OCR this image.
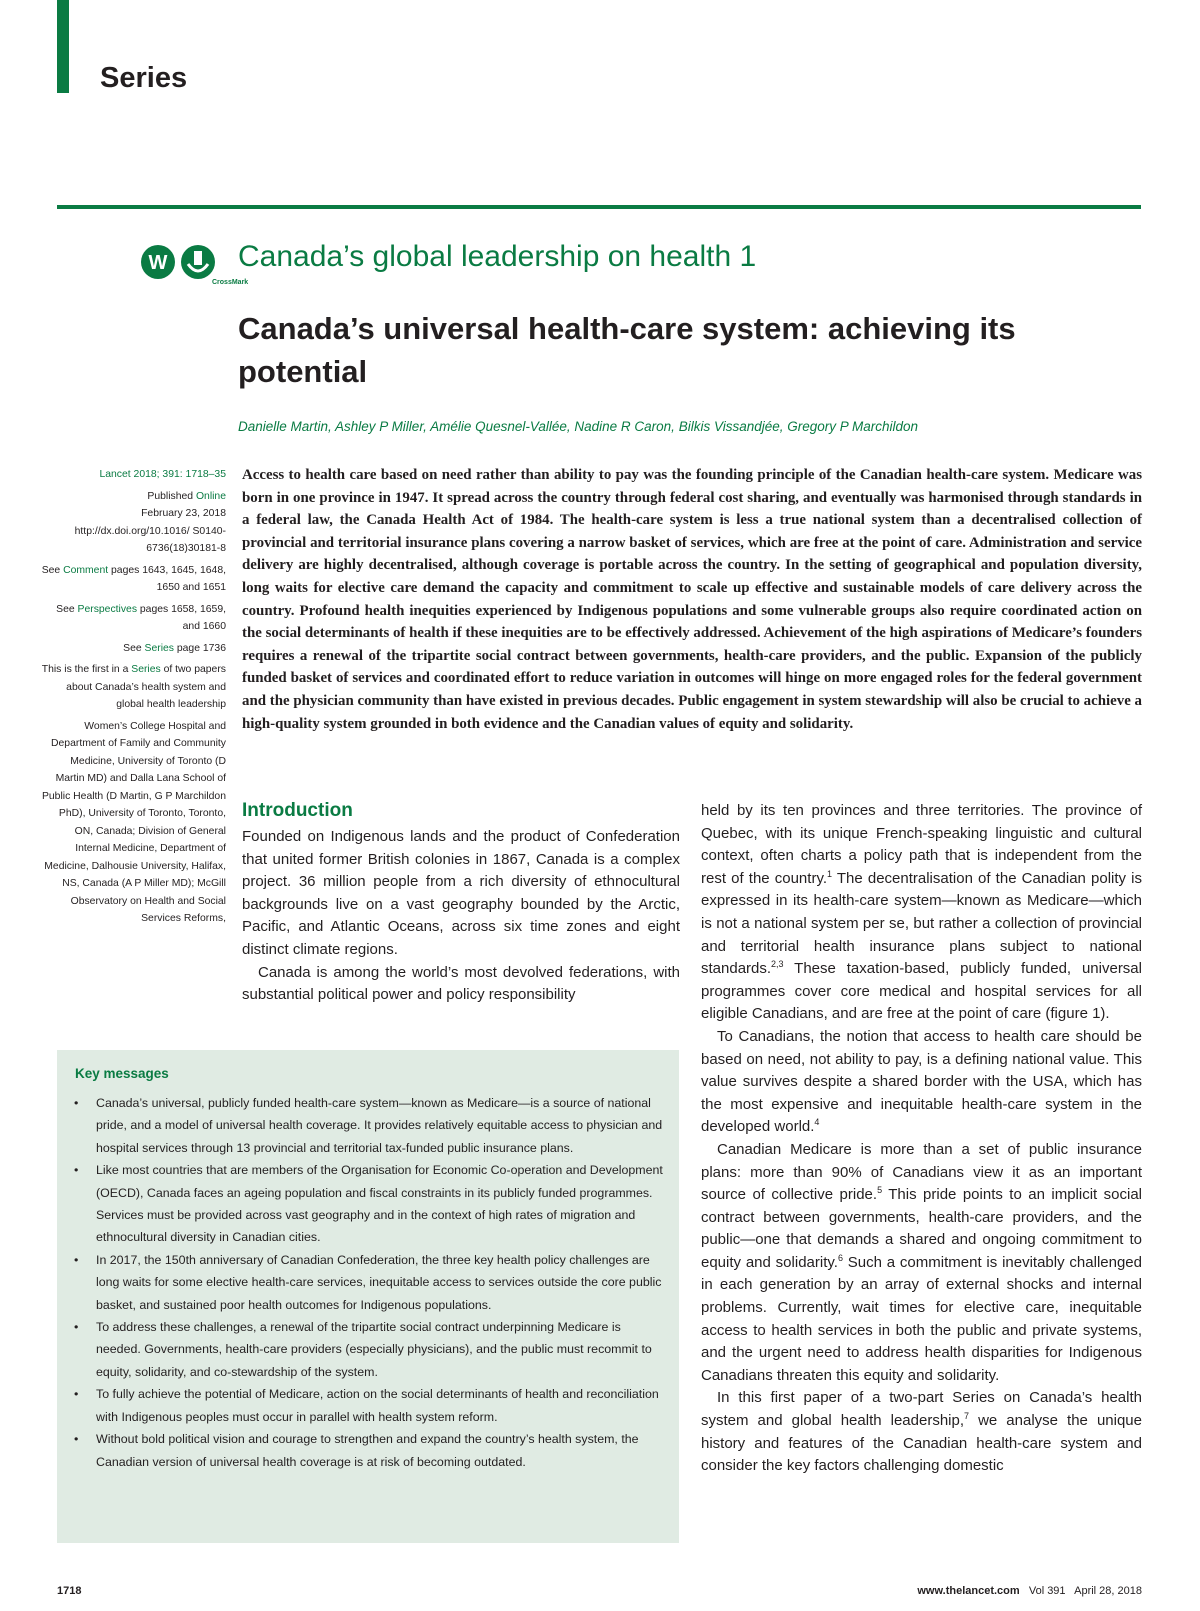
Series
W
CrossMark
Canada’s global leadership on health 1
Canada’s universal health-care system: achieving its potential
Danielle Martin, Ashley P Miller, Amélie Quesnel-Vallée, Nadine R Caron, Bilkis Vissandjée, Gregory P Marchildon

Lancet 2018; 391: 1718–35

Published Online
February 23, 2018
http://dx.doi.org/10.1016/ S0140-6736(18)30181-8

See Comment pages 1643, 1645, 1648, 1650 and 1651

See Perspectives pages 1658, 1659, and 1660

See Series page 1736

This is the first in a Series of two papers about Canada’s health system and global health leadership

Women’s College Hospital and Department of Family and Community Medicine, University of Toronto (D Martin MD) and Dalla Lana School of Public Health (D Martin, G P Marchildon PhD), University of Toronto, Toronto, ON, Canada; Division of General Internal Medicine, Department of Medicine, Dalhousie University, Halifax, NS, Canada (A P Miller MD); McGill Observatory on Health and Social Services Reforms,

Access to health care based on need rather than ability to pay was the founding principle of the Canadian health-care system. Medicare was born in one province in 1947. It spread across the country through federal cost sharing, and eventually was harmonised through standards in a federal law, the Canada Health Act of 1984. The health-care system is less a true national system than a decentralised collection of provincial and territorial insurance plans covering a narrow basket of services, which are free at the point of care. Administration and service delivery are highly decentralised, although coverage is portable across the country. In the setting of geographical and population diversity, long waits for elective care demand the capacity and commitment to scale up effective and sustainable models of care delivery across the country. Profound health inequities experienced by Indigenous populations and some vulnerable groups also require coordinated action on the social determinants of health if these inequities are to be effectively addressed. Achievement of the high aspirations of Medicare’s founders requires a renewal of the tripartite social contract between governments, health-care providers, and the public. Expansion of the publicly funded basket of services and coordinated effort to reduce variation in outcomes will hinge on more engaged roles for the federal government and the physician community than have existed in previous decades. Public engagement in system stewardship will also be crucial to achieve a high-quality system grounded in both evidence and the Canadian values of equity and solidarity.
Introduction

Founded on Indigenous lands and the product of Confederation that united former British colonies in 1867, Canada is a complex project. 36 million people from a rich diversity of ethnocultural backgrounds live on a vast geography bounded by the Arctic, Pacific, and Atlantic Oceans, across six time zones and eight distinct climate regions.

Canada is among the world’s most devolved federations, with substantial political power and policy responsibility

held by its ten provinces and three territories. The province of Quebec, with its unique French-speaking linguistic and cultural context, often charts a policy path that is independent from the rest of the country.$^1$ The decentralisation of the Canadian polity is expressed in its health-care system—known as Medicare—which is not a national system per se, but rather a collection of provincial and territorial health insurance plans subject to national standards.$^{2,3}$ These taxation-based, publicly funded, universal programmes cover core medical and hospital services for all eligible Canadians, and are free at the point of care (figure 1).

To Canadians, the notion that access to health care should be based on need, not ability to pay, is a defining national value. This value survives despite a shared border with the USA, which has the most expensive and inequitable health-care system in the developed world.$^4$

Canadian Medicare is more than a set of public insurance plans: more than 90% of Canadians view it as an important source of collective pride.$^5$ This pride points to an implicit social contract between governments, health-care providers, and the public—one that demands a shared and ongoing commitment to equity and solidarity.$^6$ Such a commitment is inevitably challenged in each generation by an array of external shocks and internal problems. Currently, wait times for elective care, inequitable access to health services in both the public and private systems, and the urgent need to address health disparities for Indigenous Canadians threaten this equity and solidarity.

In this first paper of a two-part Series on Canada’s health system and global health leadership,$^7$ we analyse the unique history and features of the Canadian health-care system and consider the key factors challenging domestic

Key messages
• Canada’s universal, publicly funded health-care system—known as Medicare—is a source of national pride, and a model of universal health coverage. It provides relatively equitable access to physician and hospital services through 13 provincial and territorial tax-funded public insurance plans.
• Like most countries that are members of the Organisation for Economic Co-operation and Development (OECD), Canada faces an ageing population and fiscal constraints in its publicly funded programmes. Services must be provided across vast geography and in the context of high rates of migration and ethnocultural diversity in Canadian cities.
• In 2017, the 150th anniversary of Canadian Confederation, the three key health policy challenges are long waits for some elective health-care services, inequitable access to services outside the core public basket, and sustained poor health outcomes for Indigenous populations.
• To address these challenges, a renewal of the tripartite social contract underpinning Medicare is needed. Governments, health-care providers (especially physicians), and the public must recommit to equity, solidarity, and co-stewardship of the system.
• To fully achieve the potential of Medicare, action on the social determinants of health and reconciliation with Indigenous peoples must occur in parallel with health system reform.
• Without bold political vision and courage to strengthen and expand the country’s health system, the Canadian version of universal health coverage is at risk of becoming outdated.
1718	www.thelancet.com Vol 391 April 28, 2018
